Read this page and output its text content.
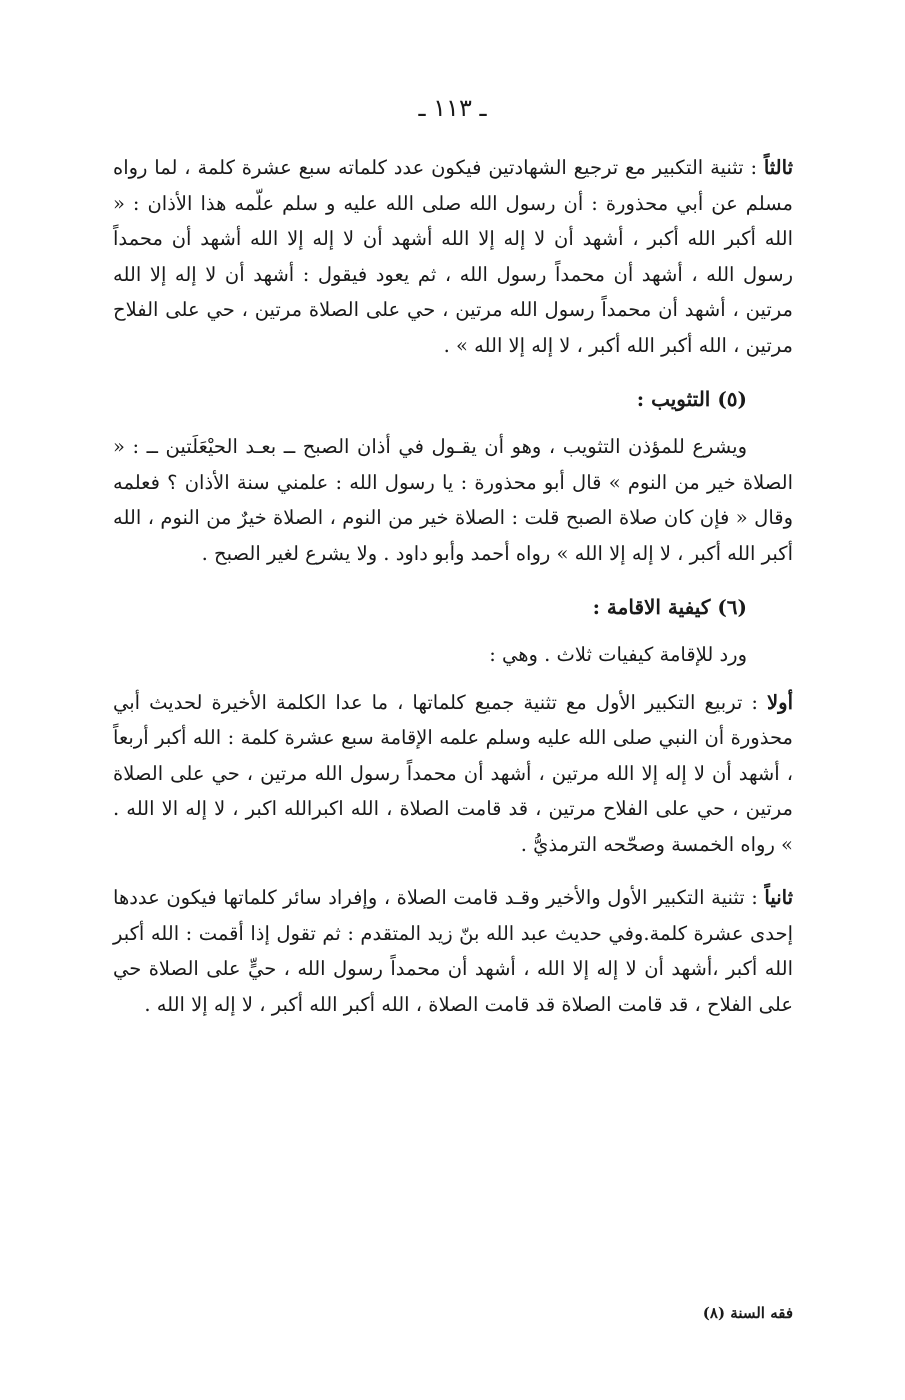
ـ ١١٣ ـ

ثالثاً : تثنية التكبير مع ترجيع الشهادتين فيكون عدد كلماته سبع عشرة كلمة ، لما رواه مسلم عن أبي محذورة : أن رسول الله صلى الله عليه و سلم علّمه هذا الأذان : « الله أكبر الله أكبر ، أشهد أن لا إله إلا الله أشهد أن لا إله إلا الله أشهد أن محمداً رسول الله ، أشهد أن محمداً رسول الله ، ثم يعود فيقول : أشهد أن لا إله إلا الله مرتين ، أشهد أن محمداً رسول الله مرتين ، حي على الصلاة مرتين ، حي على الفلاح مرتين ، الله أكبر الله أكبر ، لا إله إلا الله » .

(٥) التثويب :

ويشرع للمؤذن التثويب ، وهو أن يقـول في أذان الصبح ــ بعـد الحيْعَلَتين ــ : « الصلاة خير من النوم » قال أبو محذورة : يا رسول الله : علمني سنة الأذان ؟ فعلمه وقال « فإن كان صلاة الصبح قلت : الصلاة خير من النوم ، الصلاة خيرٌ من النوم ، الله أكبر الله أكبر ، لا إله إلا الله » رواه أحمد وأبو داود . ولا يشرع لغير الصبح .

(٦) كيفية الاقامة :

ورد للإقامة كيفيات ثلاث . وهي :

أولا : تربيع التكبير الأول مع تثنية جميع كلماتها ، ما عدا الكلمة الأخيرة لحديث أبي محذورة أن النبي صلى الله عليه وسلم علمه الإقامة سبع عشرة كلمة : الله أكبر أربعاً ، أشهد أن لا إله إلا الله مرتين ، أشهد أن محمداً رسول الله مرتين ، حي على الصلاة مرتين ، حي على الفلاح مرتين ، قد قامت الصلاة ، الله اكبرالله اكبر ، لا إله الا الله . » رواه الخمسة وصحّحه الترمذيُّ .

ثانياً : تثنية التكبير الأول والأخير وقـد قامت الصلاة ، وإفراد سائر كلماتها فيكون عددها إحدى عشرة كلمة.وفي حديث عبد الله بنّ زيد المتقدم : ثم تقول إذا أقمت : الله أكبر الله أكبر ،أشهد أن لا إله إلا الله ، أشهد أن محمداً رسول الله ، حيٍّ على الصلاة حي على الفلاح ، قد قامت الصلاة قد قامت الصلاة ، الله أكبر الله أكبر ، لا إله إلا الله .

فقه السنة (٨)
